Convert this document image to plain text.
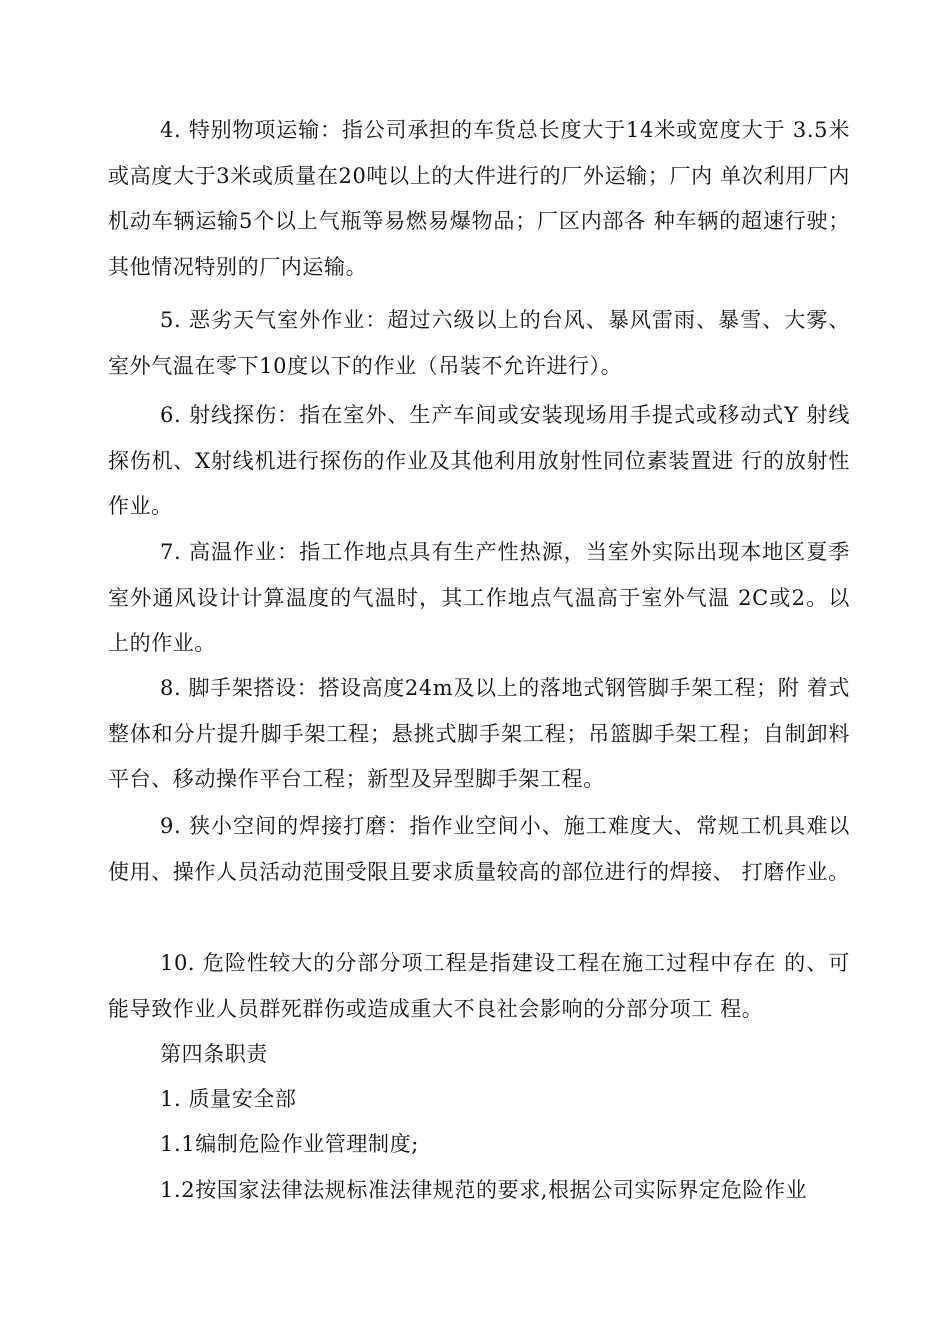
4. 特别物项运输：指公司承担的车货总长度大于14米或宽度大于 3.5米或高度大于3米或质量在20吨以上的大件进行的厂外运输；厂内 单次利用厂内机动车辆运输5个以上气瓶等易燃易爆物品；厂区内部各 种车辆的超速行驶；其他情况特别的厂内运输。

5. 恶劣天气室外作业：超过六级以上的台风、暴风雷雨、暴雪、大雾、室外气温在零下10度以下的作业（吊装不允许进行）。

6. 射线探伤：指在室外、生产车间或安装现场用手提式或移动式Y 射线探伤机、X射线机进行探伤的作业及其他利用放射性同位素装置进 行的放射性作业。

7. 高温作业：指工作地点具有生产性热源，当室外实际出现本地区夏季室外通风设计计算温度的气温时，其工作地点气温高于室外气温 2C或2。以上的作业。

8. 脚手架搭设：搭设高度24m及以上的落地式钢管脚手架工程；附 着式整体和分片提升脚手架工程；悬挑式脚手架工程；吊篮脚手架工程；自制卸料平台、移动操作平台工程；新型及异型脚手架工程。

9. 狭小空间的焊接打磨：指作业空间小、施工难度大、常规工机具难以使用、操作人员活动范围受限且要求质量较高的部位进行的焊接、 打磨作业。

10. 危险性较大的分部分项工程是指建设工程在施工过程中存在 的、可能导致作业人员群死群伤或造成重大不良社会影响的分部分项工 程。

第四条职责

1. 质量安全部

1.1编制危险作业管理制度;

1.2按国家法律法规标准法律规范的要求,根据公司实际界定危险作业
